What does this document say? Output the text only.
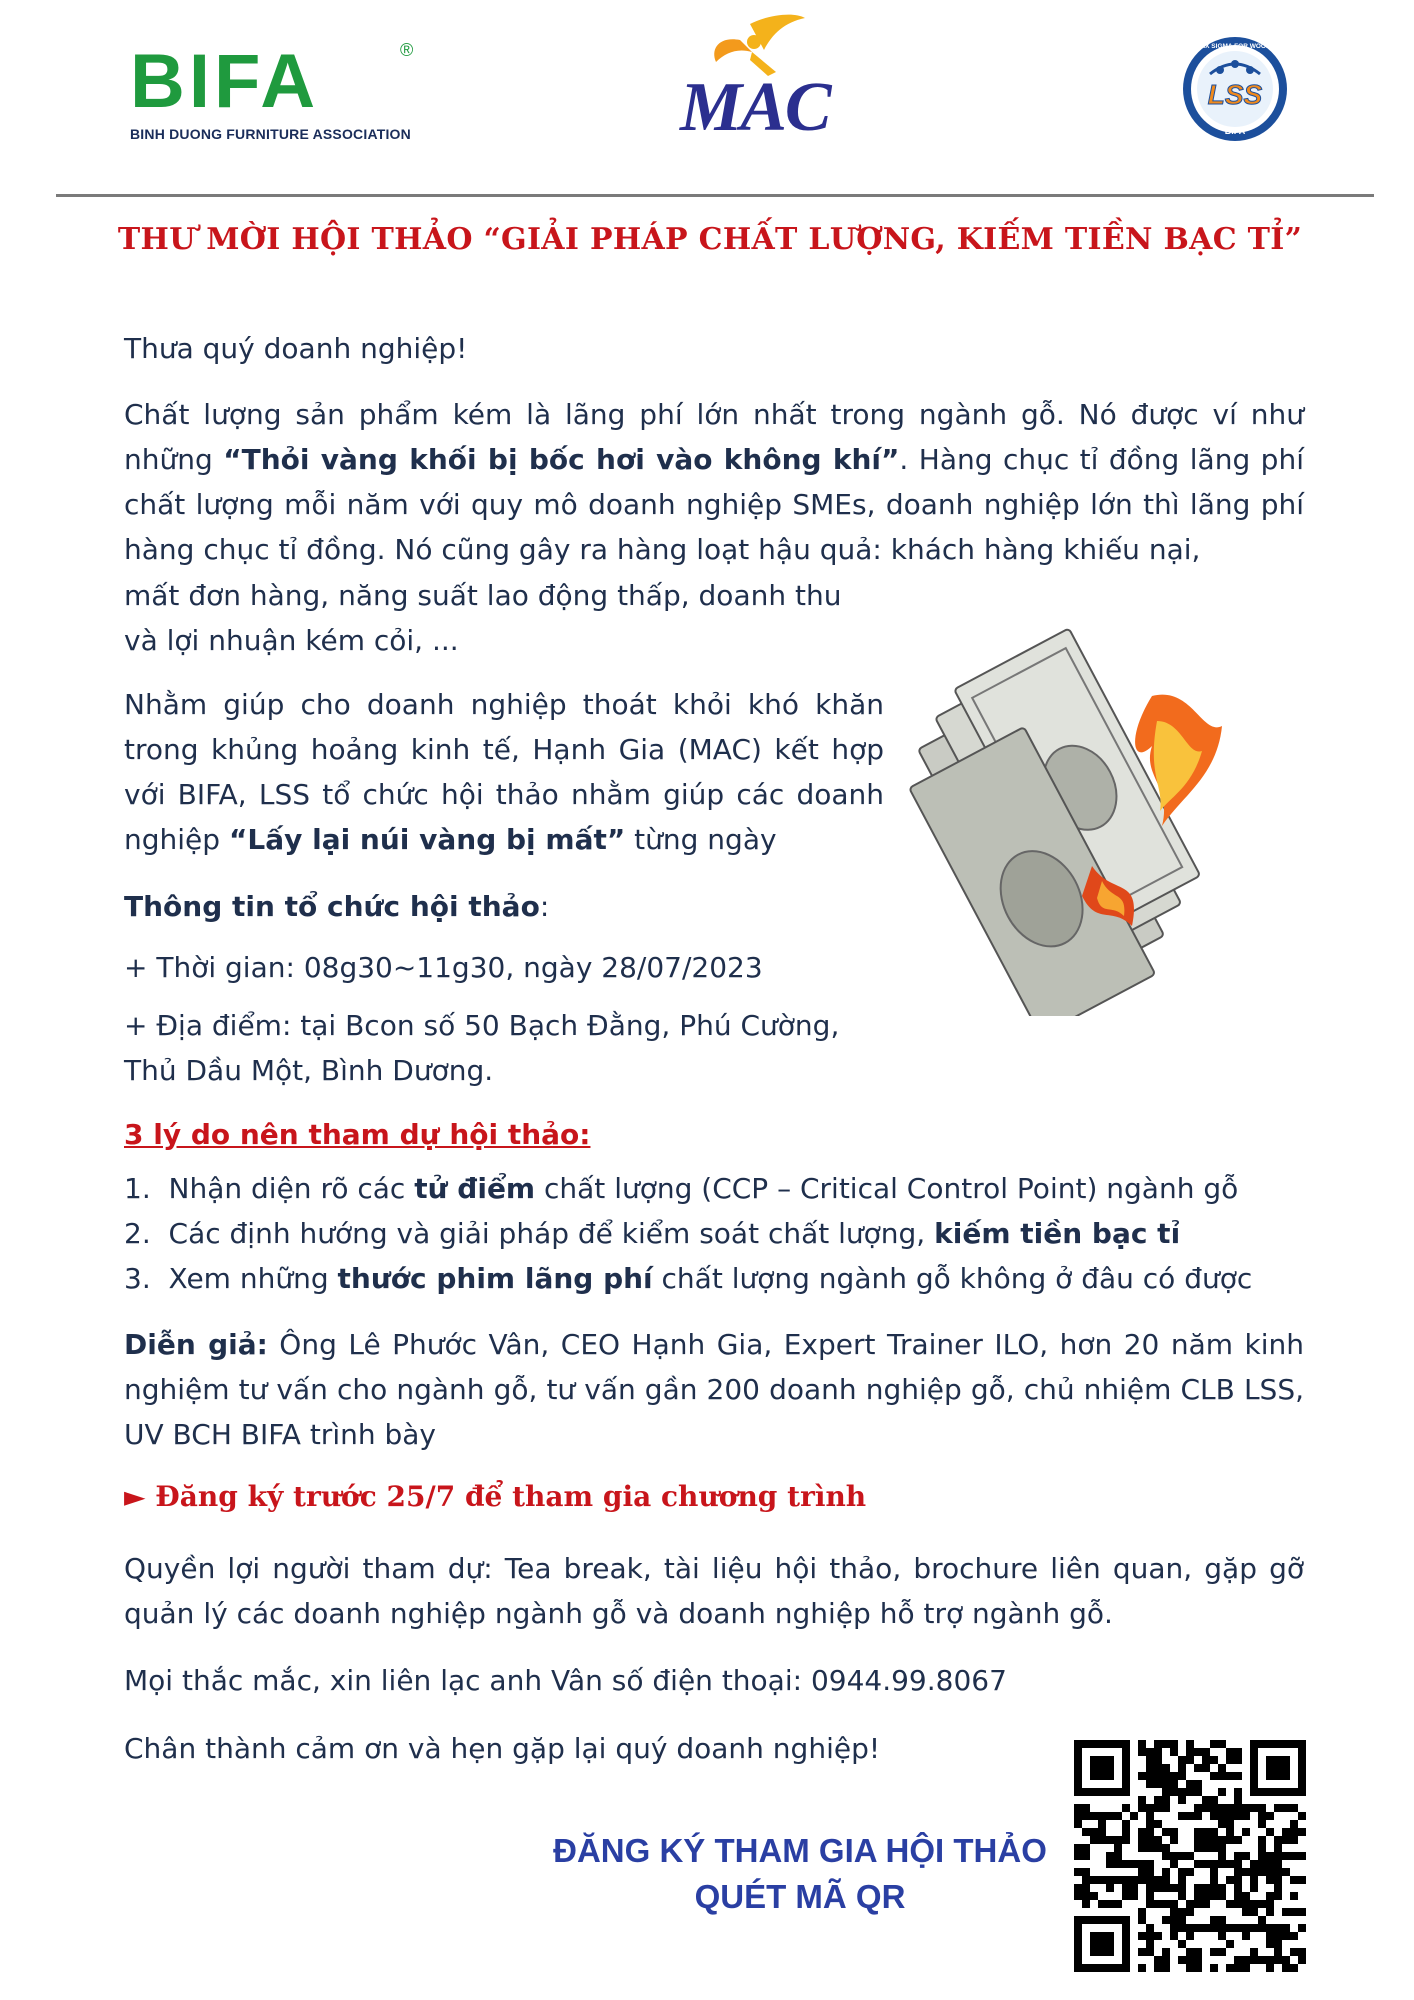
BIFA	®
BINH DUONG FURNITURE ASSOCIATION	MAC	LSS
BIFA
LEAN SIX SIGMA FOR WOOD CLUB
THƯ MỜI HỘI THẢO “GIẢI PHÁP CHẤT LƯỢNG, KIẾM TIỀN BẠC TỈ”
Thưa quý doanh nghiệp!
Chất lượng sản phẩm kém là lãng phí lớn nhất trong ngành gỗ. Nó được ví như những “Thỏi vàng khối bị bốc hơi vào không khí”. Hàng chục tỉ đồng lãng phí chất lượng mỗi năm với quy mô doanh nghiệp SMEs, doanh nghiệp lớn thì lãng phí hàng chục tỉ đồng. Nó cũng gây ra hàng loạt hậu quả: khách hàng khiếu nại,
mất đơn hàng, năng suất lao động thấp, doanh thu và lợi nhuận kém cỏi, ...
Nhằm giúp cho doanh nghiệp thoát khỏi khó khăn trong khủng hoảng kinh tế, Hạnh Gia (MAC) kết hợp với BIFA, LSS tổ chức hội thảo nhằm giúp các doanh nghiệp “Lấy lại núi vàng bị mất” từng ngày
Thông tin tổ chức hội thảo:
+ Thời gian: 08g30~11g30, ngày 28/07/2023
+ Địa điểm: tại Bcon số 50 Bạch Đằng, Phú Cường, Thủ Dầu Một, Bình Dương.
3 lý do nên tham dự hội thảo:
1. Nhận diện rõ các tử điểm chất lượng (CCP – Critical Control Point) ngành gỗ
2. Các định hướng và giải pháp để kiểm soát chất lượng, kiếm tiền bạc tỉ
3. Xem những thước phim lãng phí chất lượng ngành gỗ không ở đâu có được
Diễn giả: Ông Lê Phước Vân, CEO Hạnh Gia, Expert Trainer ILO, hơn 20 năm kinh nghiệm tư vấn cho ngành gỗ, tư vấn gần 200 doanh nghiệp gỗ, chủ nhiệm CLB LSS, UV BCH BIFA trình bày
► Đăng ký trước 25/7 để tham gia chương trình
Quyền lợi người tham dự: Tea break, tài liệu hội thảo, brochure liên quan, gặp gỡ quản lý các doanh nghiệp ngành gỗ và doanh nghiệp hỗ trợ ngành gỗ.
Mọi thắc mắc, xin liên lạc anh Vân số điện thoại: 0944.99.8067
Chân thành cảm ơn và hẹn gặp lại quý doanh nghiệp!
ĐĂNG KÝ THAM GIA HỘI THẢO
QUÉT MÃ QR
